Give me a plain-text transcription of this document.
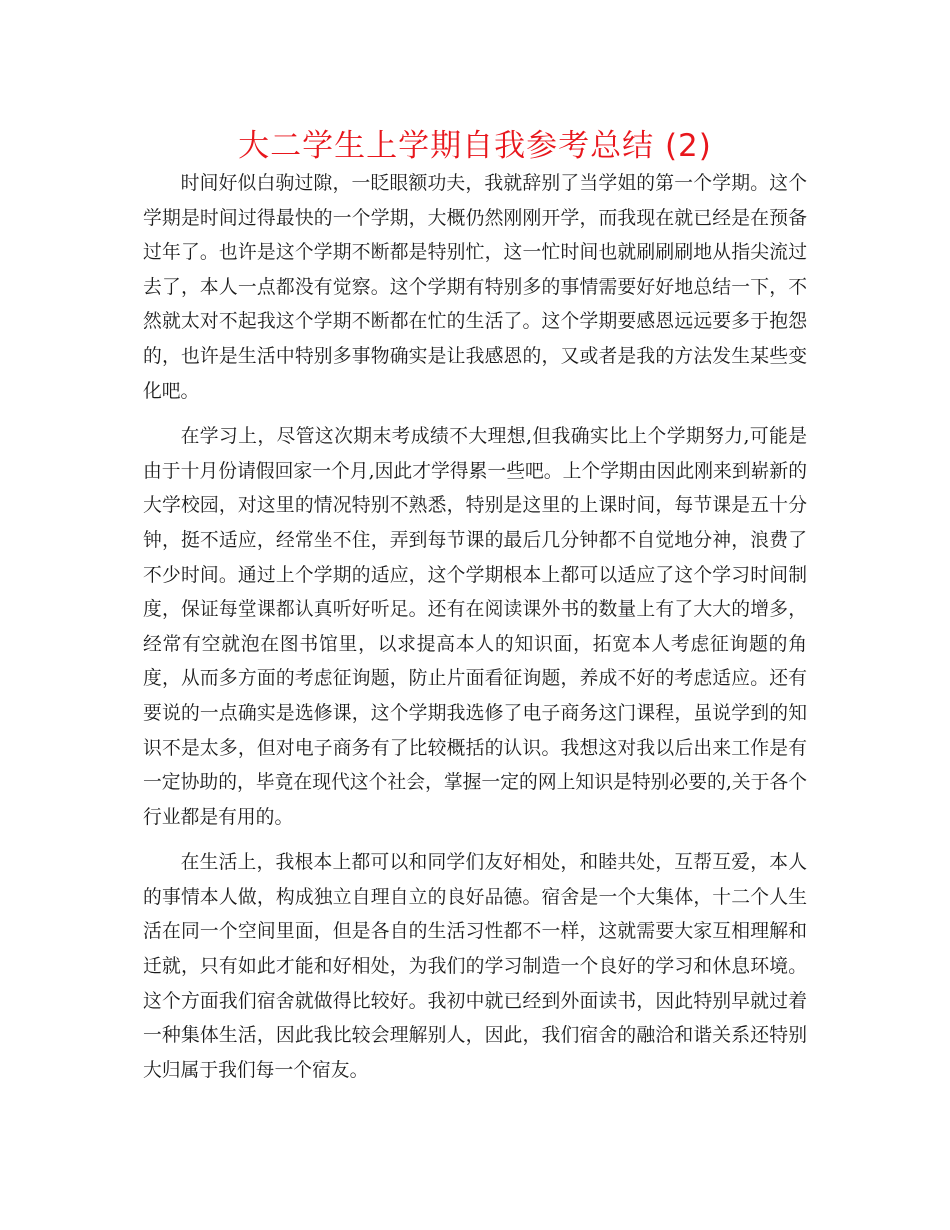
大二学生上学期自我参考总结 (2)

时间好似白驹过隙，一眨眼额功夫，我就辞别了当学姐的第一个学期。这个学期是时间过得最快的一个学期，大概仍然刚刚开学，而我现在就已经是在预备过年了。也许是这个学期不断都是特别忙，这一忙时间也就刷刷刷地从指尖流过去了，本人一点都没有觉察。这个学期有特别多的事情需要好好地总结一下，不然就太对不起我这个学期不断都在忙的生活了。这个学期要感恩远远要多于抱怨的，也许是生活中特别多事物确实是让我感恩的，又或者是我的方法发生某些变化吧。

在学习上，尽管这次期末考成绩不大理想,但我确实比上个学期努力,可能是由于十月份请假回家一个月,因此才学得累一些吧。上个学期由因此刚来到崭新的大学校园，对这里的情况特别不熟悉，特别是这里的上课时间，每节课是五十分钟，挺不适应，经常坐不住，弄到每节课的最后几分钟都不自觉地分神，浪费了不少时间。通过上个学期的适应，这个学期根本上都可以适应了这个学习时间制度，保证每堂课都认真听好听足。还有在阅读课外书的数量上有了大大的增多，经常有空就泡在图书馆里，以求提高本人的知识面，拓宽本人考虑征询题的角度，从而多方面的考虑征询题，防止片面看征询题，养成不好的考虑适应。还有要说的一点确实是选修课，这个学期我选修了电子商务这门课程，虽说学到的知识不是太多，但对电子商务有了比较概括的认识。我想这对我以后出来工作是有一定协助的，毕竟在现代这个社会，掌握一定的网上知识是特别必要的,关于各个行业都是有用的。

在生活上，我根本上都可以和同学们友好相处，和睦共处，互帮互爱，本人的事情本人做，构成独立自理自立的良好品德。宿舍是一个大集体，十二个人生活在同一个空间里面，但是各自的生活习性都不一样，这就需要大家互相理解和迁就，只有如此才能和好相处，为我们的学习制造一个良好的学习和休息环境。这个方面我们宿舍就做得比较好。我初中就已经到外面读书，因此特别早就过着一种集体生活，因此我比较会理解别人，因此，我们宿舍的融洽和谐关系还特别大归属于我们每一个宿友。
